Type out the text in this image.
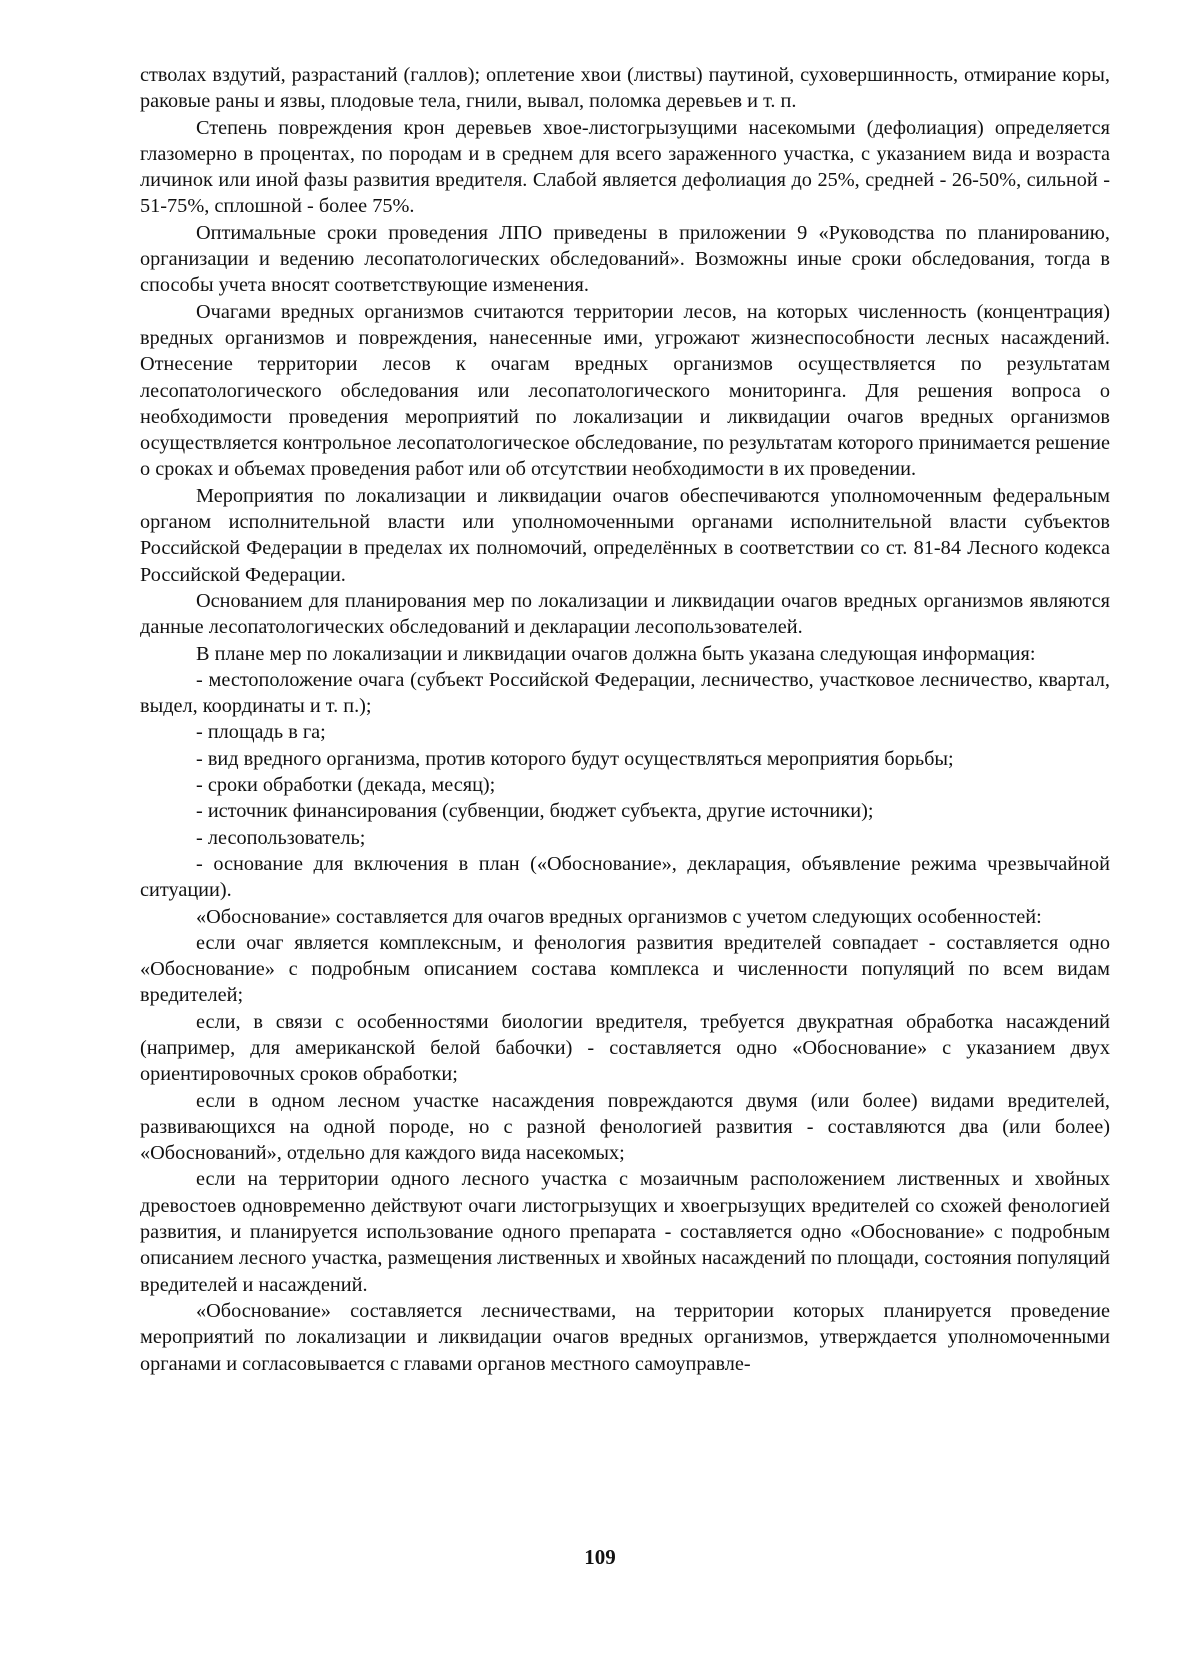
стволах вздутий, разрастаний (галлов); оплетение хвои (листвы) паутиной, суховершинность, отмирание коры, раковые раны и язвы, плодовые тела, гнили, вывал, поломка деревьев и т. п.

Степень повреждения крон деревьев хвое-листогрызущими насекомыми (дефолиация) определяется глазомерно в процентах, по породам и в среднем для всего зараженного участка, с указанием вида и возраста личинок или иной фазы развития вредителя. Слабой является дефолиация до 25%, средней - 26-50%, сильной - 51-75%, сплошной - более 75%.

Оптимальные сроки проведения ЛПО приведены в приложении 9 «Руководства по планированию, организации и ведению лесопатологических обследований». Возможны иные сроки обследования, тогда в способы учета вносят соответствующие изменения.

Очагами вредных организмов считаются территории лесов, на которых численность (концентрация) вредных организмов и повреждения, нанесенные ими, угрожают жизнеспособности лесных насаждений. Отнесение территории лесов к очагам вредных организмов осуществляется по результатам лесопатологического обследования или лесопатологического мониторинга. Для решения вопроса о необходимости проведения мероприятий по локализации и ликвидации очагов вредных организмов осуществляется контрольное лесопатологическое обследование, по результатам которого принимается решение о сроках и объемах проведения работ или об отсутствии необходимости в их проведении.

Мероприятия по локализации и ликвидации очагов обеспечиваются уполномоченным федеральным органом исполнительной власти или уполномоченными органами исполнительной власти субъектов Российской Федерации в пределах их полномочий, определённых в соответствии со ст. 81-84 Лесного кодекса Российской Федерации.

Основанием для планирования мер по локализации и ликвидации очагов вредных организмов являются данные лесопатологических обследований и декларации лесопользователей.

В плане мер по локализации и ликвидации очагов должна быть указана следующая информация:

- местоположение очага (субъект Российской Федерации, лесничество, участковое лесничество, квартал, выдел, координаты и т. п.);

- площадь в га;

- вид вредного организма, против которого будут осуществляться мероприятия борьбы;

- сроки обработки (декада, месяц);

- источник финансирования (субвенции, бюджет субъекта, другие источники);

- лесопользователь;

- основание для включения в план («Обоснование», декларация, объявление режима чрезвычайной ситуации).

«Обоснование» составляется для очагов вредных организмов с учетом следующих особенностей:

если очаг является комплексным, и фенология развития вредителей совпадает - составляется одно «Обоснование» с подробным описанием состава комплекса и численности популяций по всем видам вредителей;

если, в связи с особенностями биологии вредителя, требуется двукратная обработка насаждений (например, для американской белой бабочки) - составляется одно «Обоснование» с указанием двух ориентировочных сроков обработки;

если в одном лесном участке насаждения повреждаются двумя (или более) видами вредителей, развивающихся на одной породе, но с разной фенологией развития - составляются два (или более) «Обоснований», отдельно для каждого вида насекомых;

если на территории одного лесного участка с мозаичным расположением лиственных и хвойных древостоев одновременно действуют очаги листогрызущих и хвоегрызущих вредителей со схожей фенологией развития, и планируется использование одного препарата - составляется одно «Обоснование» с подробным описанием лесного участка, размещения лиственных и хвойных насаждений по площади, состояния популяций вредителей и насаждений.

«Обоснование» составляется лесничествами, на территории которых планируется проведение мероприятий по локализации и ликвидации очагов вредных организмов, утверждается уполномоченными органами и согласовывается с главами органов местного самоуправле-

109
